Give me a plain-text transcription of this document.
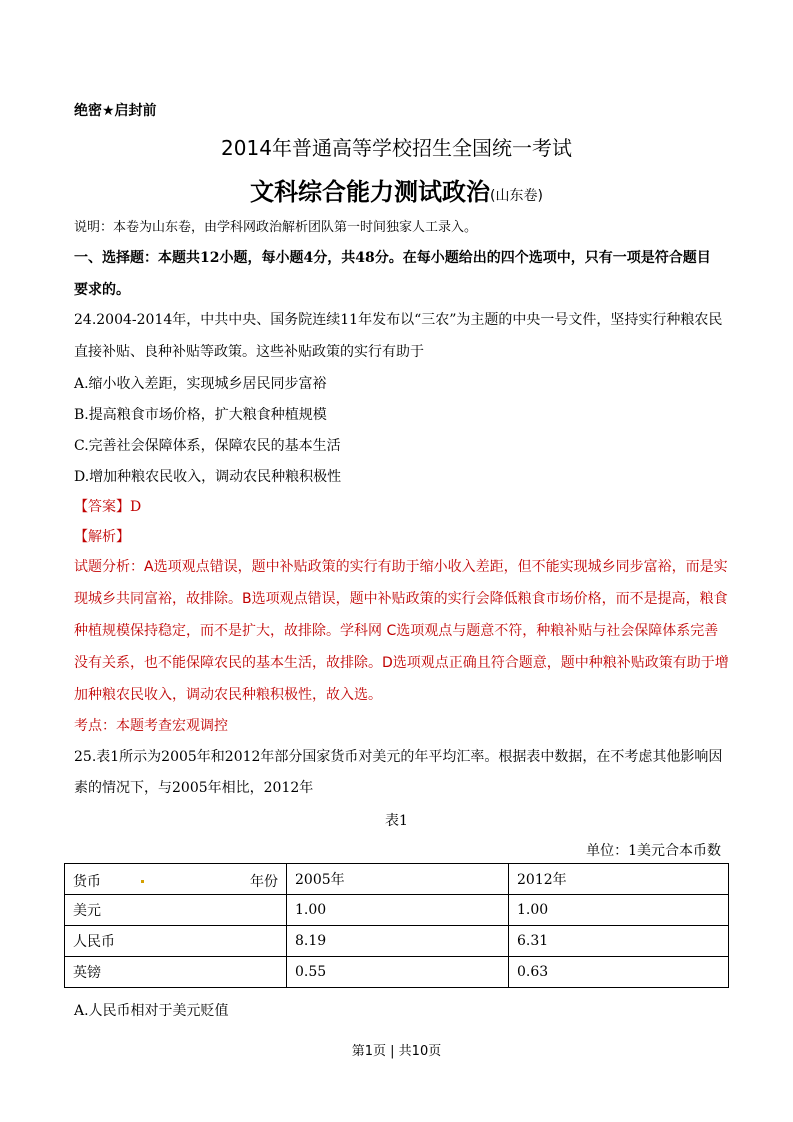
绝密★启封前
2014年普通高等学校招生全国统一考试
文科综合能力测试政治(山东卷)
说明：本卷为山东卷，由学科网政治解析团队第一时间独家人工录入。
一、选择题：本题共12小题，每小题4分，共48分。在每小题给出的四个选项中，只有一项是符合题目
要求的。
24.2004-2014年，中共中央、国务院连续11年发布以“三农”为主题的中央一号文件，坚持实行种粮农民
直接补贴、良种补贴等政策。这些补贴政策的实行有助于
A.缩小收入差距，实现城乡居民同步富裕
B.提高粮食市场价格，扩大粮食种植规模
C.完善社会保障体系，保障农民的基本生活
D.增加种粮农民收入，调动农民种粮积极性
【答案】D
【解析】
试题分析：A选项观点错误，题中补贴政策的实行有助于缩小收入差距，但不能实现城乡同步富裕，而是实
现城乡共同富裕，故排除。B选项观点错误，题中补贴政策的实行会降低粮食市场价格，而不是提高，粮食
种植规模保持稳定，而不是扩大，故排除。学科网 C选项观点与题意不符，种粮补贴与社会保障体系完善
没有关系，也不能保障农民的基本生活，故排除。D选项观点正确且符合题意，题中种粮补贴政策有助于增
加种粮农民收入，调动农民种粮积极性，故入选。
考点：本题考查宏观调控
25.表1所示为2005年和2012年部分国家货币对美元的年平均汇率。根据表中数据，在不考虑其他影响因
素的情况下，与2005年相比，2012年
表1
单位：1美元合本币数
货币 年份	2005年	2012年
美元	1.00	1.00
人民币	8.19	6.31
英镑	0.55	0.63
A.人民币相对于美元贬值
第1页 | 共10页
